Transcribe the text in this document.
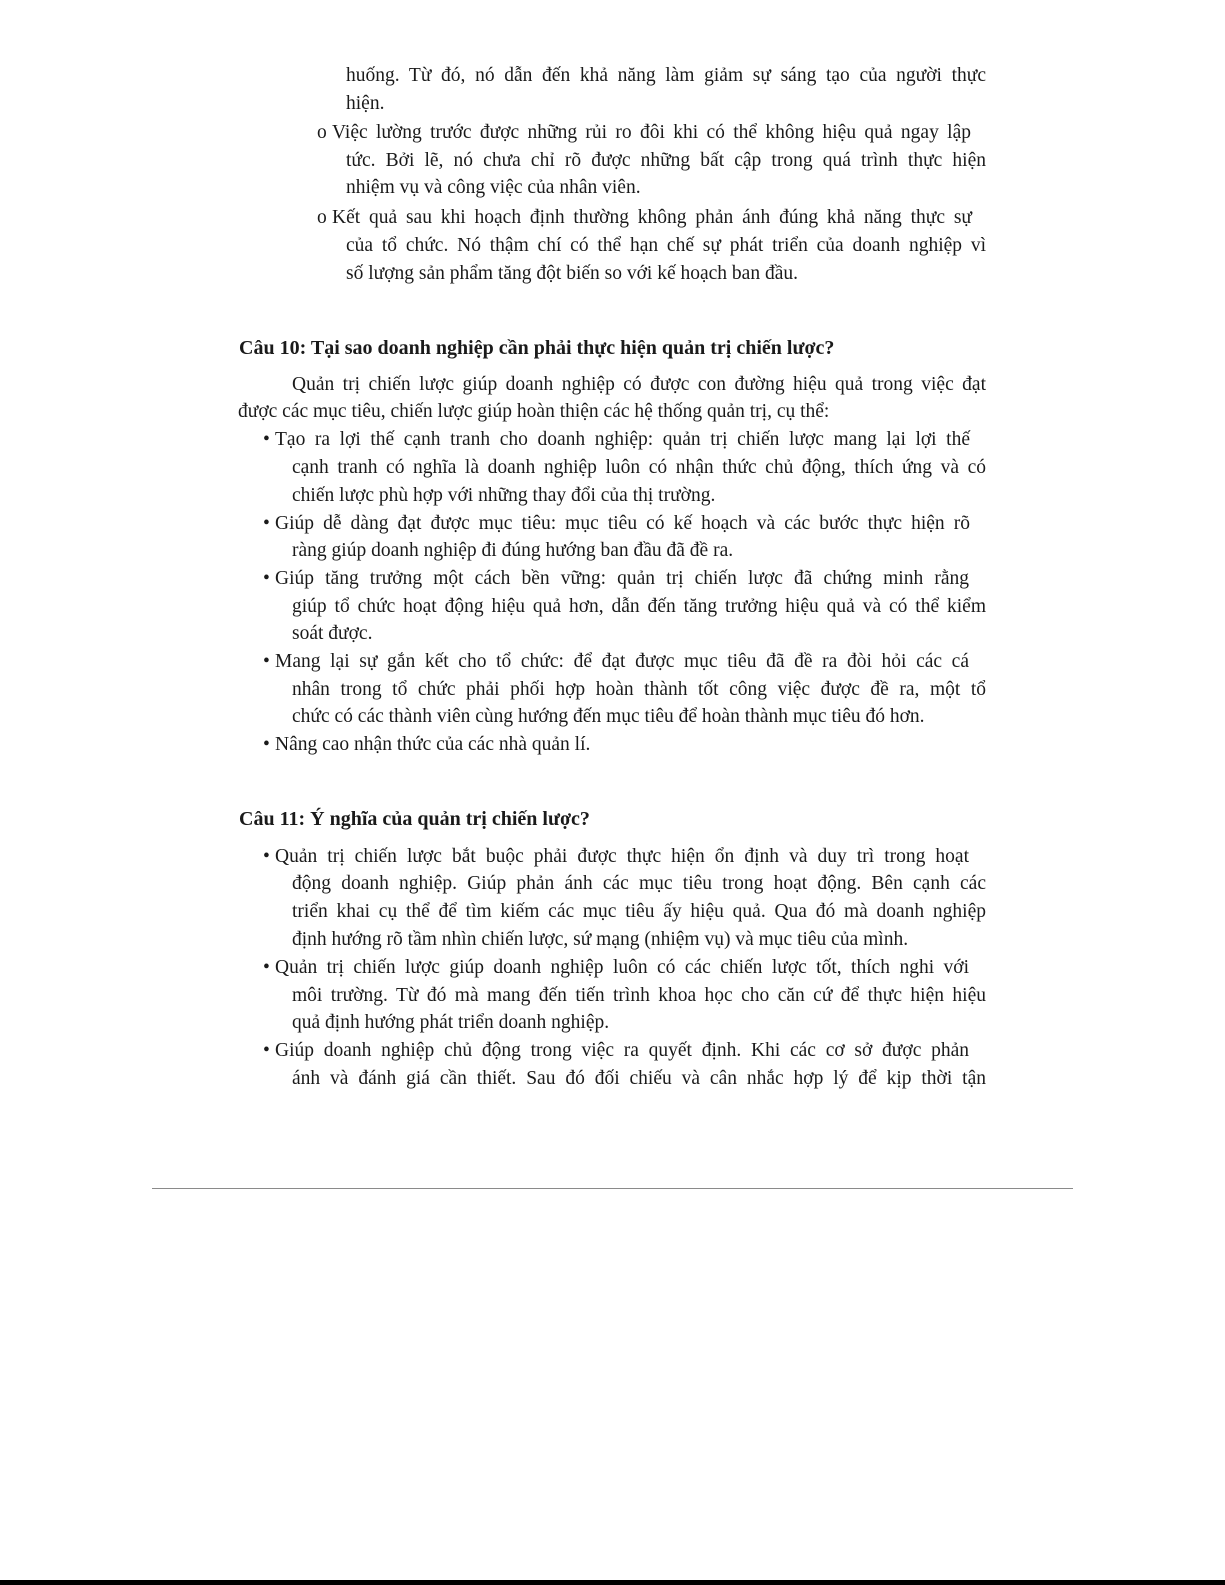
huống. Từ đó, nó dẫn đến khả năng làm giảm sự sáng tạo của người thực
hiện.
o Việc lường trước được những rủi ro đôi khi có thể không hiệu quả ngay lập
tức. Bởi lẽ, nó chưa chỉ rõ được những bất cập trong quá trình thực hiện
nhiệm vụ và công việc của nhân viên.
o Kết quả sau khi hoạch định thường không phản ánh đúng khả năng thực sự
của tổ chức. Nó thậm chí có thể hạn chế sự phát triển của doanh nghiệp vì
số lượng sản phẩm tăng đột biến so với kế hoạch ban đầu.
Câu 10: Tại sao doanh nghiệp cần phải thực hiện quản trị chiến lược?
Quản trị chiến lược giúp doanh nghiệp có được con đường hiệu quả trong việc đạt
được các mục tiêu, chiến lược giúp hoàn thiện các hệ thống quản trị, cụ thể:
• Tạo ra lợi thế cạnh tranh cho doanh nghiệp: quản trị chiến lược mang lại lợi thế
cạnh tranh có nghĩa là doanh nghiệp luôn có nhận thức chủ động, thích ứng và có
chiến lược phù hợp với những thay đổi của thị trường.
• Giúp dễ dàng đạt được mục tiêu: mục tiêu có kế hoạch và các bước thực hiện rõ
ràng giúp doanh nghiệp đi đúng hướng ban đầu đã đề ra.
• Giúp tăng trưởng một cách bền vững: quản trị chiến lược đã chứng minh rằng
giúp tổ chức hoạt động hiệu quả hơn, dẫn đến tăng trưởng hiệu quả và có thể kiểm
soát được.
• Mang lại sự gắn kết cho tổ chức: để đạt được mục tiêu đã đề ra đòi hỏi các cá
nhân trong tổ chức phải phối hợp hoàn thành tốt công việc được đề ra, một tổ
chức có các thành viên cùng hướng đến mục tiêu để hoàn thành mục tiêu đó hơn.
• Nâng cao nhận thức của các nhà quản lí.
Câu 11: Ý nghĩa của quản trị chiến lược?
• Quản trị chiến lược bắt buộc phải được thực hiện ổn định và duy trì trong hoạt
động doanh nghiệp. Giúp phản ánh các mục tiêu trong hoạt động. Bên cạnh các
triển khai cụ thể để tìm kiếm các mục tiêu ấy hiệu quả. Qua đó mà doanh nghiệp
định hướng rõ tầm nhìn chiến lược, sứ mạng (nhiệm vụ) và mục tiêu của mình.
• Quản trị chiến lược giúp doanh nghiệp luôn có các chiến lược tốt, thích nghi với
môi trường. Từ đó mà mang đến tiến trình khoa học cho căn cứ để thực hiện hiệu
quả định hướng phát triển doanh nghiệp.
• Giúp doanh nghiệp chủ động trong việc ra quyết định. Khi các cơ sở được phản
ánh và đánh giá cần thiết. Sau đó đối chiếu và cân nhắc hợp lý để kịp thời tận
